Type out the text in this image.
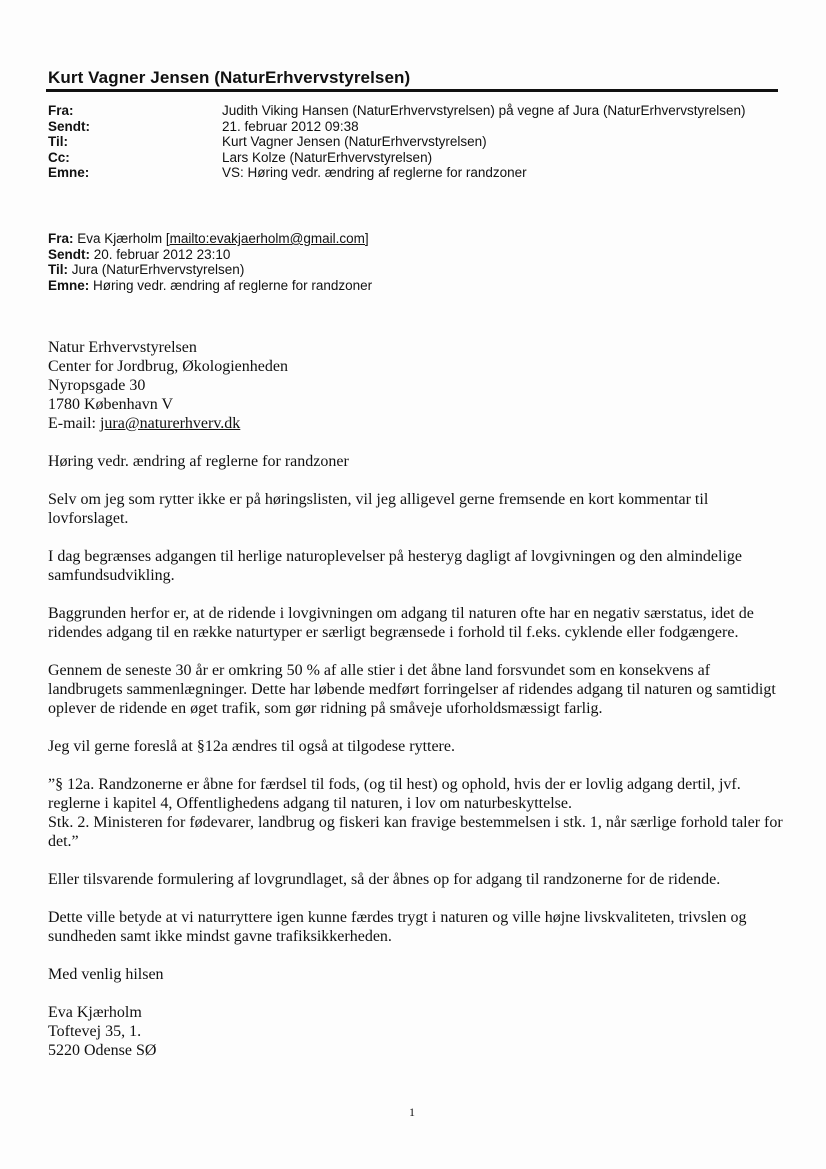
Kurt Vagner Jensen (NaturErhvervstyrelsen)
Fra:	Judith Viking Hansen (NaturErhvervstyrelsen) på vegne af Jura (NaturErhvervstyrelsen)
Sendt:	21. februar 2012 09:38
Til:	Kurt Vagner Jensen (NaturErhvervstyrelsen)
Cc:	Lars Kolze (NaturErhvervstyrelsen)
Emne:	VS: Høring vedr. ændring af reglerne for randzoner
Fra: Eva Kjærholm [mailto:evakjaerholm@gmail.com]
Sendt: 20. februar 2012 23:10
Til: Jura (NaturErhvervstyrelsen)
Emne: Høring vedr. ændring af reglerne for randzoner

Natur Erhvervstyrelsen
Center for Jordbrug, Økologienheden
Nyropsgade 30
1780 København V
E-mail: jura@naturerhverv.dk

Høring vedr. ændring af reglerne for randzoner

Selv om jeg som rytter ikke er på høringslisten, vil jeg alligevel gerne fremsende en kort kommentar til lovforslaget.

I dag begrænses adgangen til herlige naturoplevelser på hesteryg dagligt af lovgivningen og den almindelige samfundsudvikling.

Baggrunden herfor er, at de ridende i lovgivningen om adgang til naturen ofte har en negativ særstatus, idet de ridendes adgang til en række naturtyper er særligt begrænsede i forhold til f.eks. cyklende eller fodgængere.

Gennem de seneste 30 år er omkring 50 % af alle stier i det åbne land forsvundet som en konsekvens af landbrugets sammenlægninger. Dette har løbende medført forringelser af ridendes adgang til naturen og samtidigt oplever de ridende en øget trafik, som gør ridning på småveje uforholdsmæssigt farlig.

Jeg vil gerne foreslå at §12a ændres til også at tilgodese ryttere.

”§ 12a. Randzonerne er åbne for færdsel til fods, (og til hest) og ophold, hvis der er lovlig adgang dertil, jvf. reglerne i kapitel 4, Offentlighedens adgang til naturen, i lov om naturbeskyttelse.
Stk. 2. Ministeren for fødevarer, landbrug og fiskeri kan fravige bestemmelsen i stk. 1, når særlige forhold taler for det.”

Eller tilsvarende formulering af lovgrundlaget, så der åbnes op for adgang til randzonerne for de ridende.

Dette ville betyde at vi naturryttere igen kunne færdes trygt i naturen og ville højne livskvaliteten, trivslen og sundheden samt ikke mindst gavne trafiksikkerheden.

Med venlig hilsen

Eva Kjærholm
Toftevej 35, 1.
5220 Odense SØ

1
